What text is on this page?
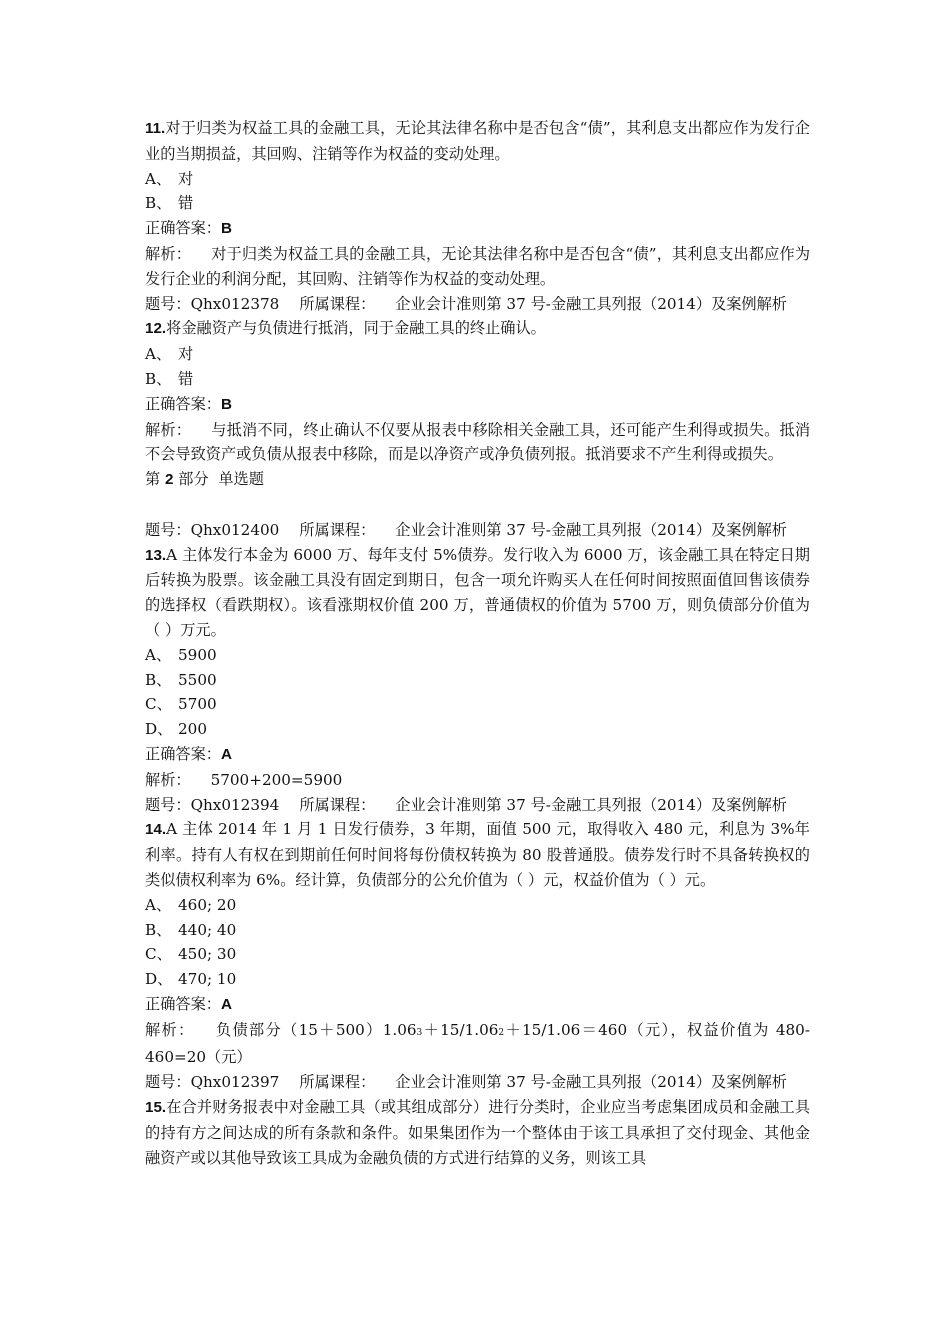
11.对于归类为权益工具的金融工具，无论其法律名称中是否包含“债”，其利息支出都应作为发行企业的当期损益，其回购、注销等作为权益的变动处理。

A、 对

B、 错

正确答案：B

解析： 对于归类为权益工具的金融工具，无论其法律名称中是否包含“债”，其利息支出都应作为发行企业的利润分配，其回购、注销等作为权益的变动处理。

题号：Qhx012378 所属课程： 企业会计准则第 37 号-金融工具列报（2014）及案例解析

12.将金融资产与负债进行抵消，同于金融工具的终止确认。

A、 对

B、 错

正确答案：B

解析： 与抵消不同，终止确认不仅要从报表中移除相关金融工具，还可能产生利得或损失。抵消不会导致资产或负债从报表中移除，而是以净资产或净负债列报。抵消要求不产生利得或损失。

第 2 部分 单选题

题号：Qhx012400 所属课程： 企业会计准则第 37 号-金融工具列报（2014）及案例解析

13.A 主体发行本金为 6000 万、每年支付 5%债券。发行收入为 6000 万，该金融工具在特定日期后转换为股票。该金融工具没有固定到期日，包含一项允许购买人在任何时间按照面值回售该债券的选择权（看跌期权）。该看涨期权价值 200 万，普通债权的价值为 5700 万，则负债部分价值为（ ）万元。

A、 5900

B、 5500

C、 5700

D、 200

正确答案：A

解析： 5700+200=5900

题号：Qhx012394 所属课程： 企业会计准则第 37 号-金融工具列报（2014）及案例解析

14.A 主体 2014 年 1 月 1 日发行债券，3 年期，面值 500 元，取得收入 480 元，利息为 3%年利率。持有人有权在到期前任何时间将每份债权转换为 80 股普通股。债券发行时不具备转换权的类似债权利率为 6%。经计算，负债部分的公允价值为（ ）元，权益价值为（ ）元。

A、 460; 20

B、 440; 40

C、 450; 30

D、 470; 10

正确答案：A

解析： 负债部分（15＋500）1.063＋15/1.062＋15/1.06＝460（元），权益价值为 480-460=20（元）

题号：Qhx012397 所属课程： 企业会计准则第 37 号-金融工具列报（2014）及案例解析

15.在合并财务报表中对金融工具（或其组成部分）进行分类时，企业应当考虑集团成员和金融工具的持有方之间达成的所有条款和条件。如果集团作为一个整体由于该工具承担了交付现金、其他金融资产或以其他导致该工具成为金融负债的方式进行结算的义务，则该工具
